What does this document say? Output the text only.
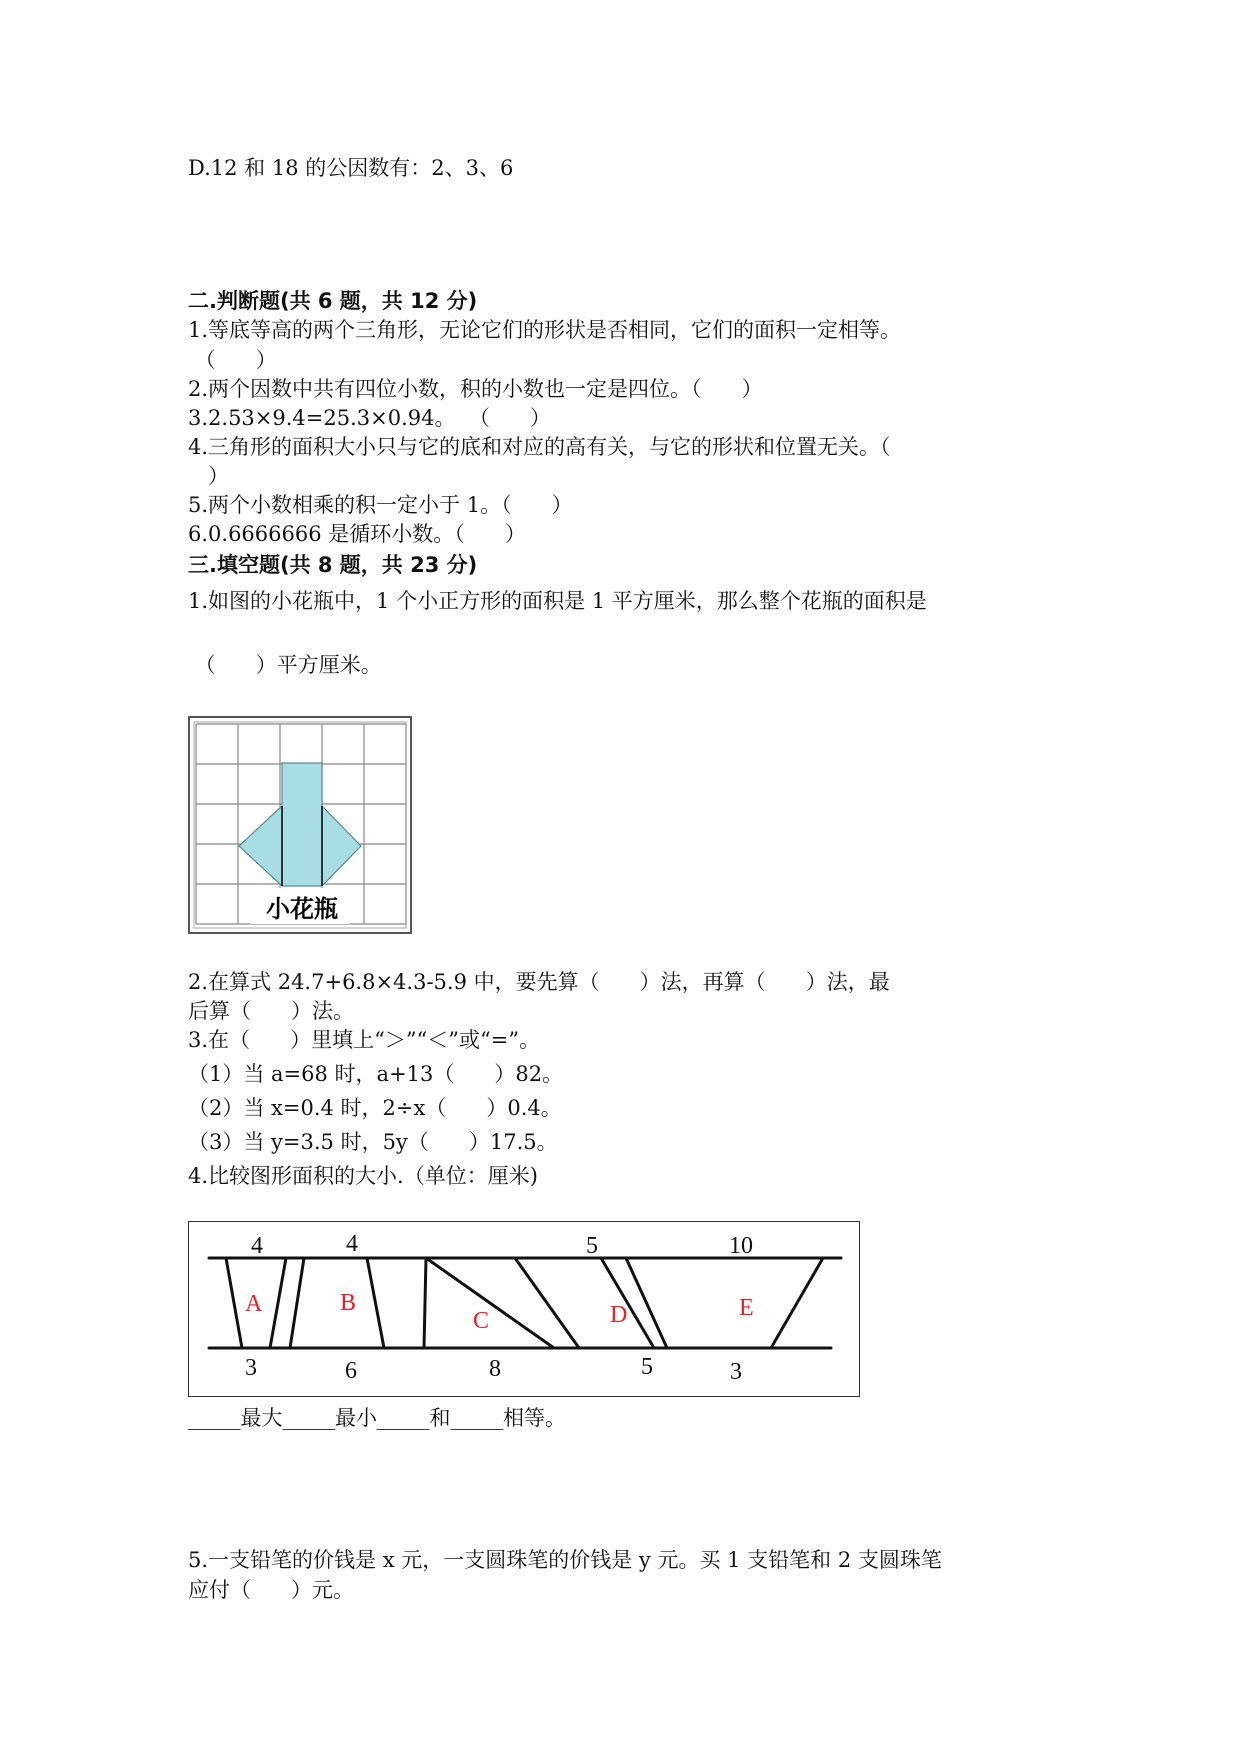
D.12 和 18 的公因数有：2、3、6
二.判断题(共 6 题，共 12 分)
1.等底等高的两个三角形，无论它们的形状是否相同，它们的面积一定相等。
（      ）
2.两个因数中共有四位小数，积的小数也一定是四位。（      ）
3.2.53×9.4=25.3×0.94。  （      ）
4.三角形的面积大小只与它的底和对应的高有关，与它的形状和位置无关。（
）
5.两个小数相乘的积一定小于 1。（      ）
6.0.6666666 是循环小数。（      ）
三.填空题(共 8 题，共 23 分)
1.如图的小花瓶中，1 个小正方形的面积是 1 平方厘米，那么整个花瓶的面积是
（      ）平方厘米。
小花瓶
2.在算式 24.7+6.8×4.3-5.9 中，要先算（      ）法，再算（      ）法，最
后算（      ）法。
3.在（      ）里填上“＞”“＜”或“=”。
（1）当 a=68 时，a+13（      ）82。
（2）当 x=0.4 时，2÷x（      ）0.4。
（3）当 y=3.5 时，5y（      ）17.5。
4.比较图形面积的大小.（单位：厘米)
4	4	5	10
3	6	8	5	3
A	B
C	D	E
_____最大_____最小_____和_____相等。
5.一支铅笔的价钱是 x 元，一支圆珠笔的价钱是 y 元。买 1 支铅笔和 2 支圆珠笔
应付（      ）元。
